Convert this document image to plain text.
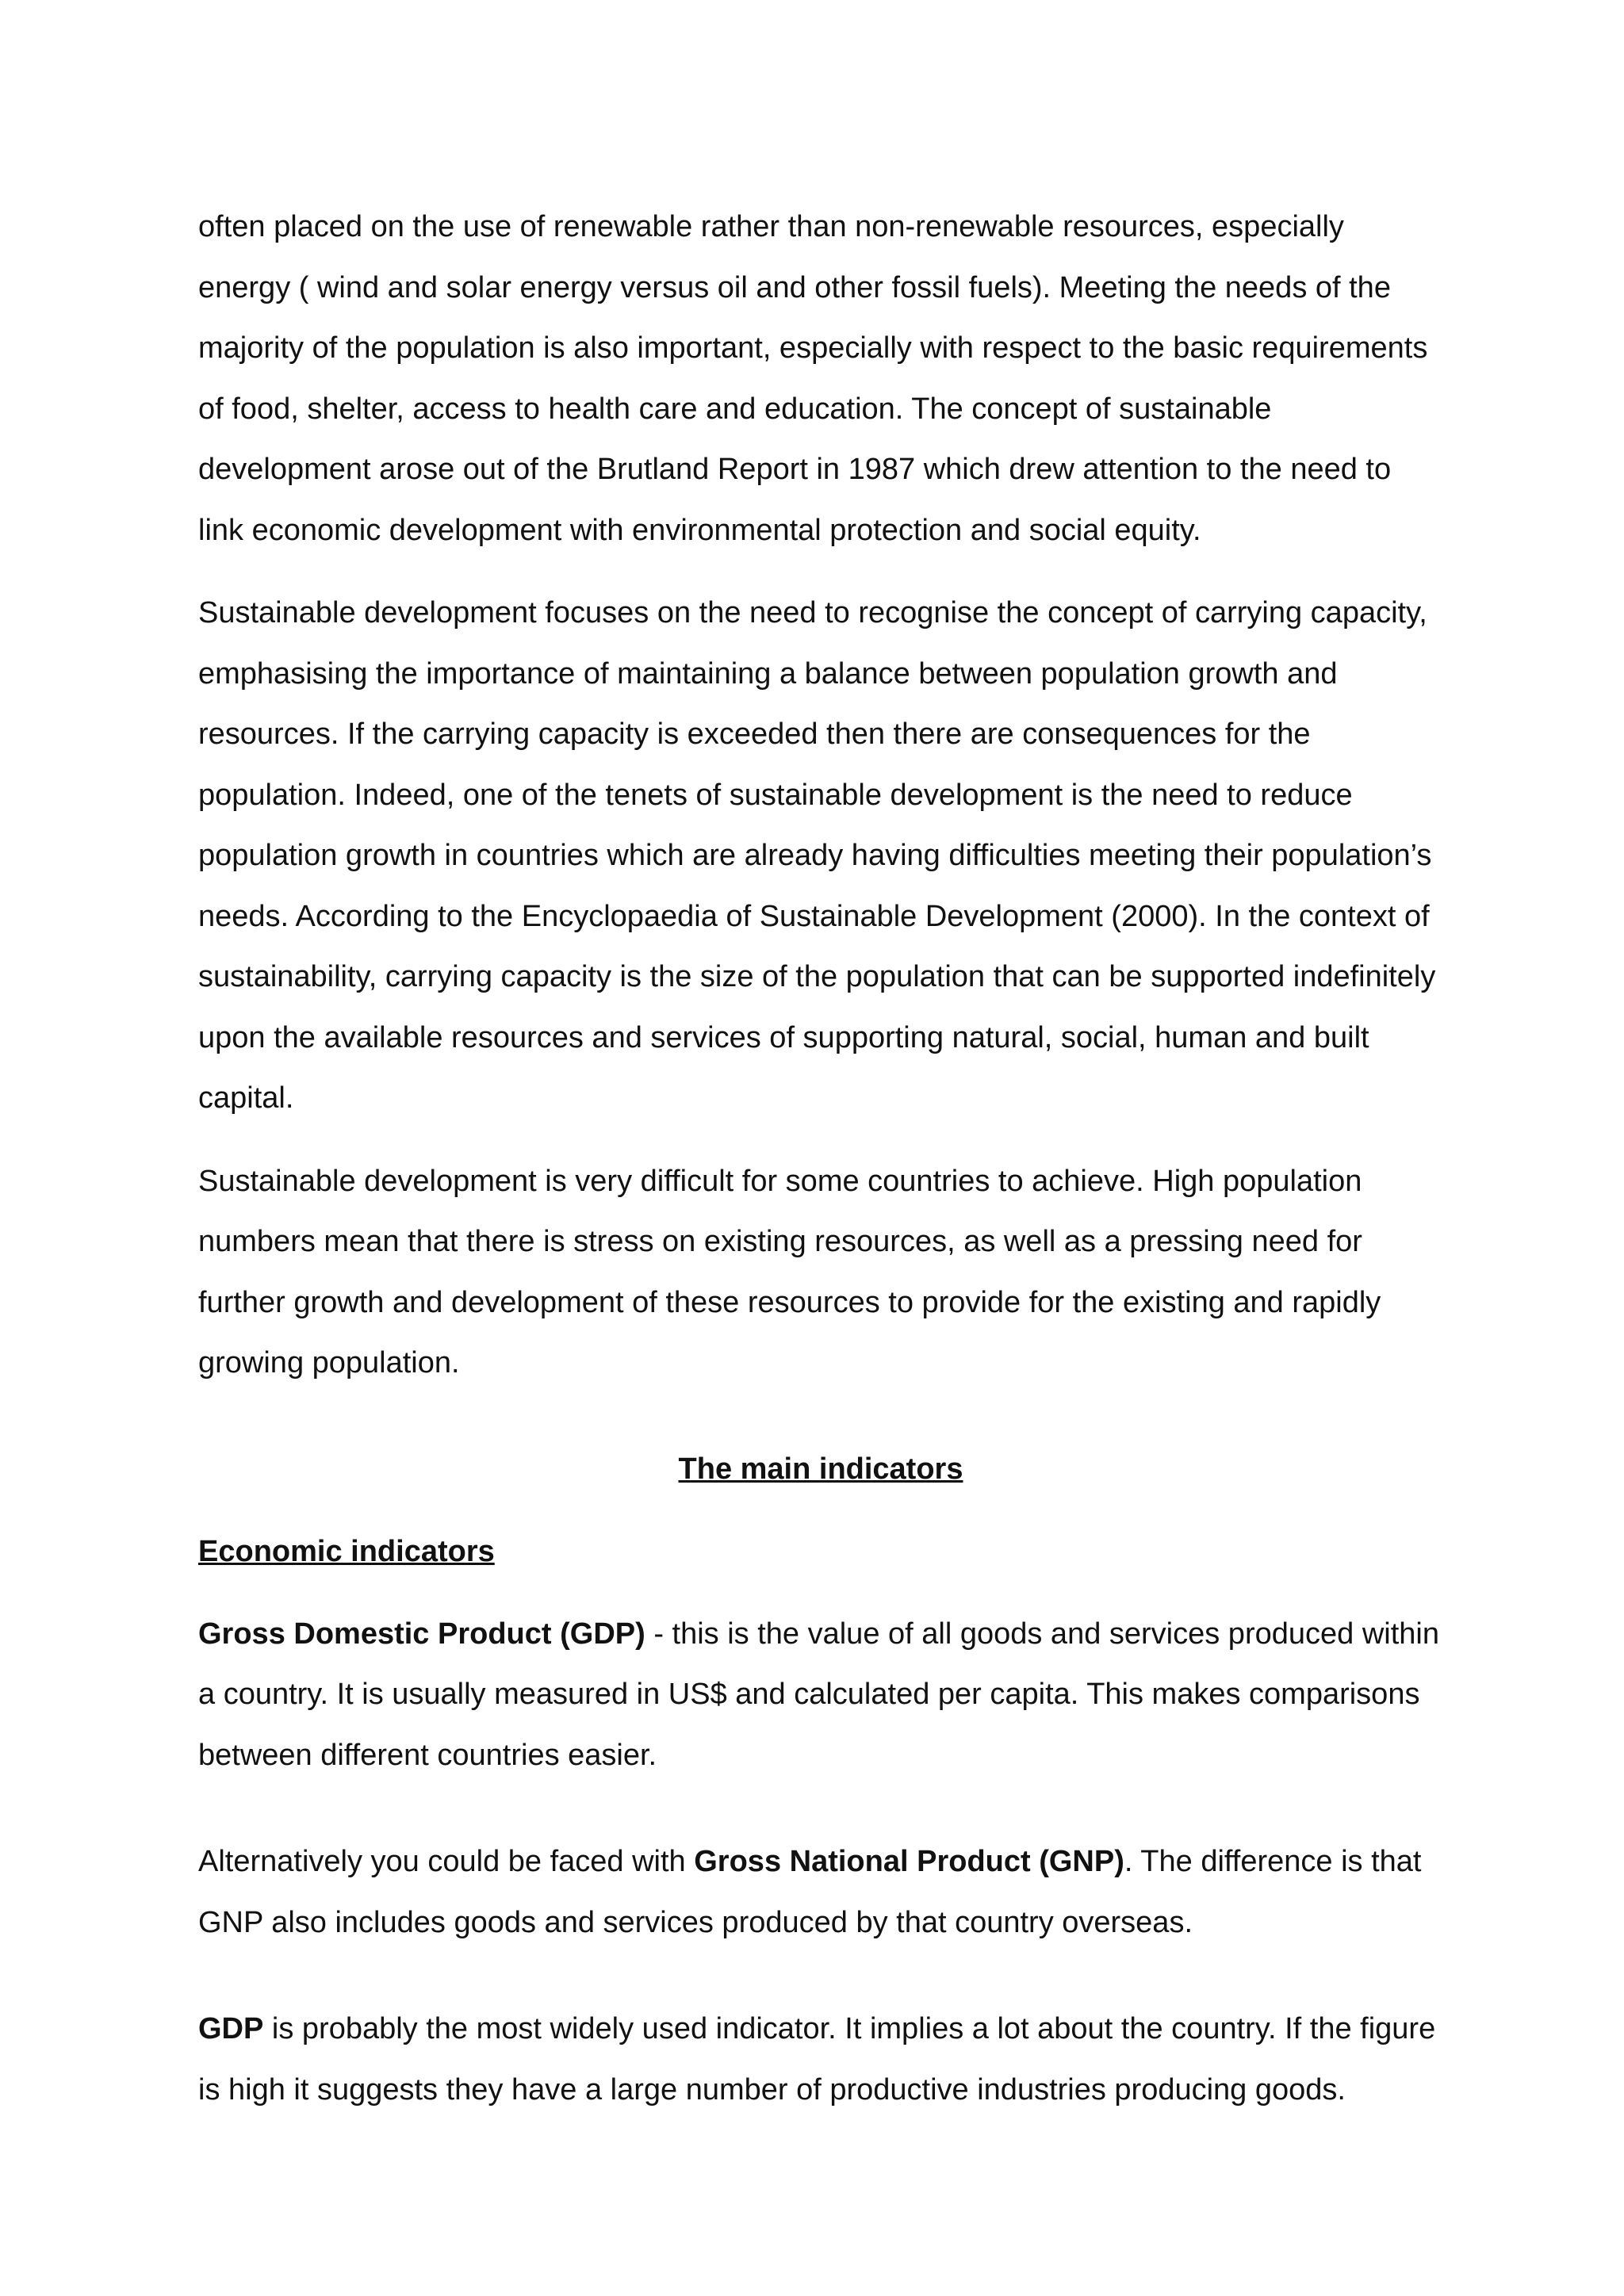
often placed on the use of renewable rather than non-renewable resources, especially energy ( wind and solar energy versus oil and other fossil fuels). Meeting the needs of the majority of the population is also important, especially with respect to the basic requirements of food, shelter, access to health care and education. The concept of sustainable development arose out of the Brutland Report in 1987 which drew attention to the need to link economic development with environmental protection and social equity.

Sustainable development focuses on the need to recognise the concept of carrying capacity, emphasising the importance of maintaining a balance between population growth and resources. If the carrying capacity is exceeded then there are consequences for the population. Indeed, one of the tenets of sustainable development is the need to reduce population growth in countries which are already having difficulties meeting their population’s needs. According to the Encyclopaedia of Sustainable Development (2000). In the context of sustainability, carrying capacity is the size of the population that can be supported indefinitely upon the available resources and services of supporting natural, social, human and built capital.

Sustainable development is very difficult for some countries to achieve. High population numbers mean that there is stress on existing resources, as well as a pressing need for further growth and development of these resources to provide for the existing and rapidly growing population.

The main indicators
Economic indicators

Gross Domestic Product (GDP) - this is the value of all goods and services produced within a country. It is usually measured in US$ and calculated per capita. This makes comparisons between different countries easier.

Alternatively you could be faced with Gross National Product (GNP). The difference is that GNP also includes goods and services produced by that country overseas.

GDP is probably the most widely used indicator. It implies a lot about the country. If the figure is high it suggests they have a large number of productive industries producing goods.
